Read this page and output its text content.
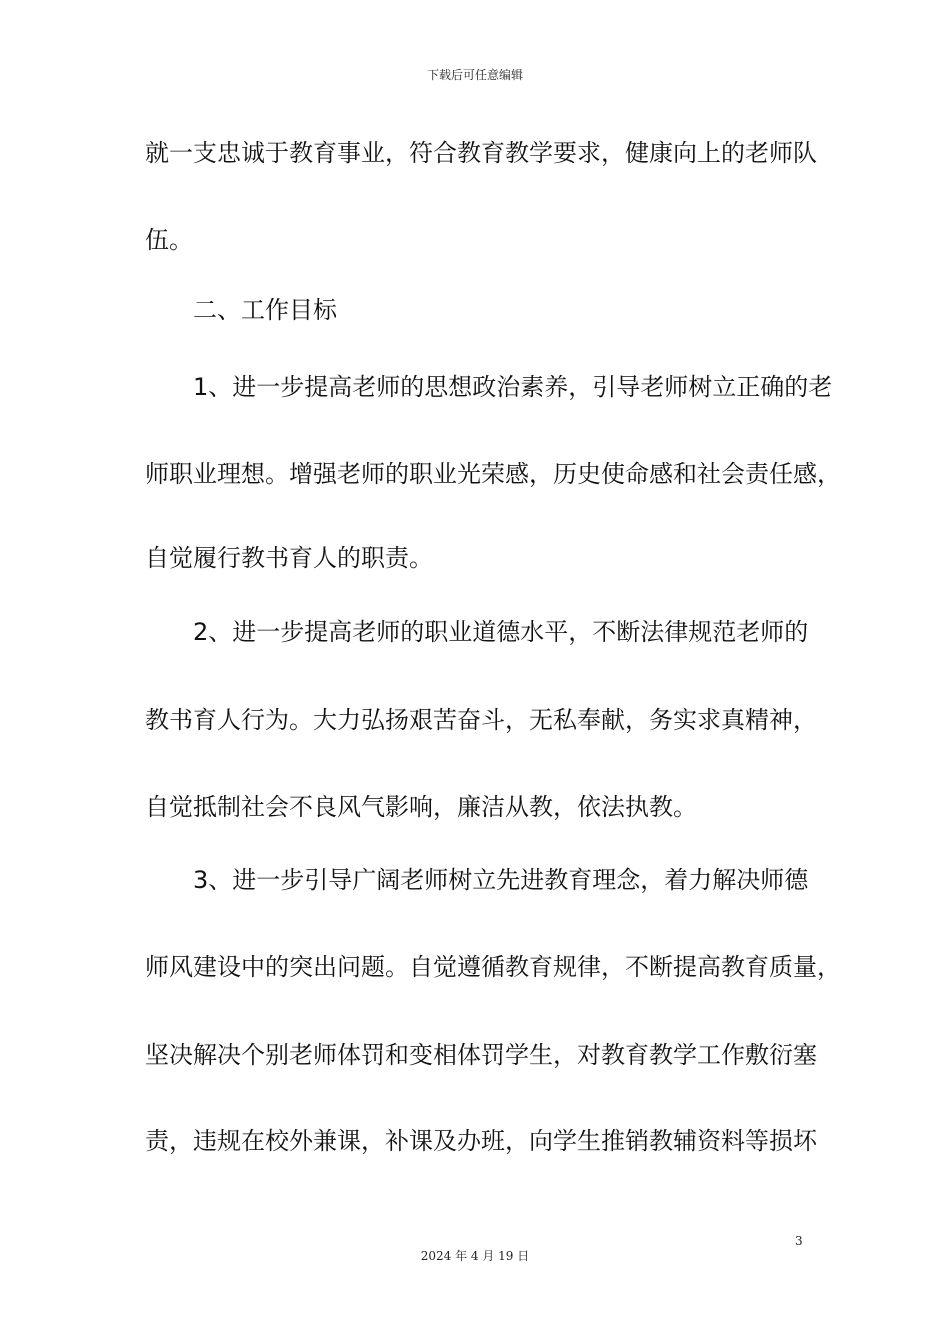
下载后可任意编辑
就一支忠诚于教育事业，符合教育教学要求，健康向上的老师队
伍。
　　二、工作目标
　　1、进一步提高老师的思想政治素养，引导老师树立正确的老
师职业理想。增强老师的职业光荣感，历史使命感和社会责任感，
自觉履行教书育人的职责。
　　2、进一步提高老师的职业道德水平，不断法律规范老师的
教书育人行为。大力弘扬艰苦奋斗，无私奉献，务实求真精神，
自觉抵制社会不良风气影响，廉洁从教，依法执教。
　　3、进一步引导广阔老师树立先进教育理念，着力解决师德
师风建设中的突出问题。自觉遵循教育规律，不断提高教育质量，
坚决解决个别老师体罚和变相体罚学生，对教育教学工作敷衍塞
责，违规在校外兼课，补课及办班，向学生推销教辅资料等损坏
3
2024 年 4 月 19 日
